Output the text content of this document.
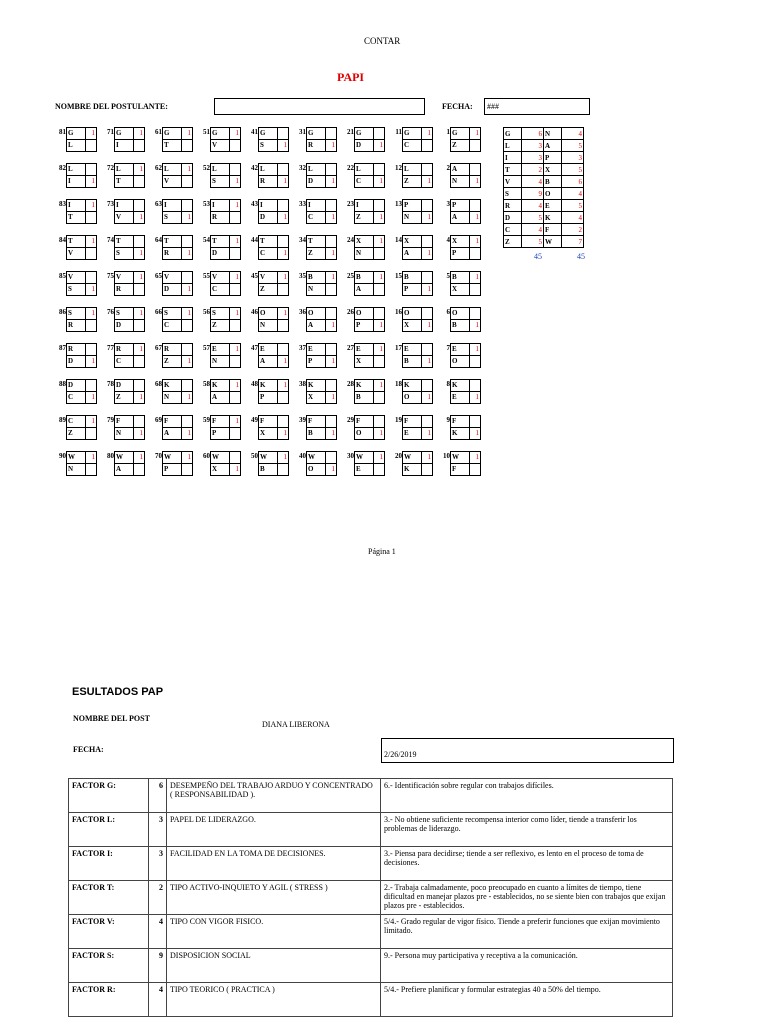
CONTAR
PAPI
NOMBRE DEL POSTULANTE:	FECHA:	###
81 G	1
L	
71 G	1
I	
61 G	1
T	
51 G	1
V	
41 G	
S	1
31 G	
R	1
21 G	
D	1
11 G	1
C	
1 G	1
Z	
82 L	
I	1
72 L	1
T	
62 L	1
V	
52 L	
S	1
42 L	
R	1
32 L	
D	1
22 L	
C	1
12 L	
Z	1
2 A	
N	1
83 I	1
T	
73 I	
V	1
63 I	
S	1
53 I	1
R	
43 I	
D	1
33 I	
C	1
23 I	
Z	1
13 P	
N	1
3 P	
A	1
84 T	1
V	
74 T	
S	1
64 T	
R	1
54 T	1
D	
44 T	
C	1
34 T	
Z	1
24 X	1
N	
14 X	
A	1
4 X	1
P	
85 V	
S	1
75 V	1
R	
65 V	
D	1
55 V	1
C	
45 V	1
Z	
35 B	1
N	
25 B	1
A	
15 B	
P	1
5 B	1
X	
86 S	1
R	
76 S	1
D	
66 S	1
C	
56 S	1
Z	
46 O	1
N	
36 O	
A	1
26 O	
P	1
16 O	
X	1
6 O	
B	1
87 R	
D	1
77 R	1
C	
67 R	
Z	1
57 E	1
N	
47 E	
A	1
37 E	
P	1
27 E	1
X	
17 E	
B	1
7 E	1
O	
88 D	
C	1
78 D	
Z	1
68 K	
N	1
58 K	1
A	
48 K	1
P	
38 K	
X	1
28 K	1
B	
18 K	
O	1
8 K	
E	1
89 C	1
Z	
79 F	
N	1
69 F	
A	1
59 F	1
P	
49 F	
X	1
39 F	
B	1
29 F	
O	1
19 F	
E	1
9 F	
K	1
90 W	1
N	
80 W	1
A	
70 W	1
P	
60 W	
X	1
50 W	1
B	
40 W	
O	1
30 W	1
E	
20 W	1
K	
10 W	1
F	
G	6	N	4
L	3	A	5
I	3	P	3
T	2	X	5
V	4	B	6
S	9	O	4
R	4	E	5
D	5	K	4
C	4	F	2
Z	5	W	7
45	45
Página 1
ESULTADOS PAP
NOMBRE DEL POST
DIANA LIBERONA
FECHA:
2/26/2019
FACTOR G:	6	DESEMPEÑO DEL TRABAJO ARDUO Y CONCENTRADO ( RESPONSABILIDAD ).	6.- Identificación sobre regular con trabajos difíciles.
FACTOR L:	3	PAPEL DE LIDERAZGO.	3.- No obtiene suficiente recompensa interior como líder, tiende a transferir los problemas de liderazgo.
FACTOR I:	3	FACILIDAD EN LA TOMA DE DECISIONES.	3.- Piensa para decidirse; tiende a ser reflexivo, es lento en el proceso de toma de decisiones.
FACTOR T:	2	TIPO ACTIVO-INQUIETO Y AGIL ( STRESS )	2.- Trabaja calmadamente, poco preocupado en cuanto a límites de tiempo, tiene dificultad en manejar plazos pre - establecidos, no se siente bien con trabajos que exijan plazos pre - establecidos.
FACTOR V:	4	TIPO CON VIGOR FISICO.	5/4.- Grado regular de vigor físico. Tiende a preferir funciones que exijan movimiento limitado.
FACTOR S:	9	DISPOSICION SOCIAL	9.- Persona muy participativa y receptiva a la comunicación.
FACTOR R:	4	TIPO TEORICO ( PRACTICA )	5/4.- Prefiere planificar y formular estrategias 40 a 50% del tiempo.
